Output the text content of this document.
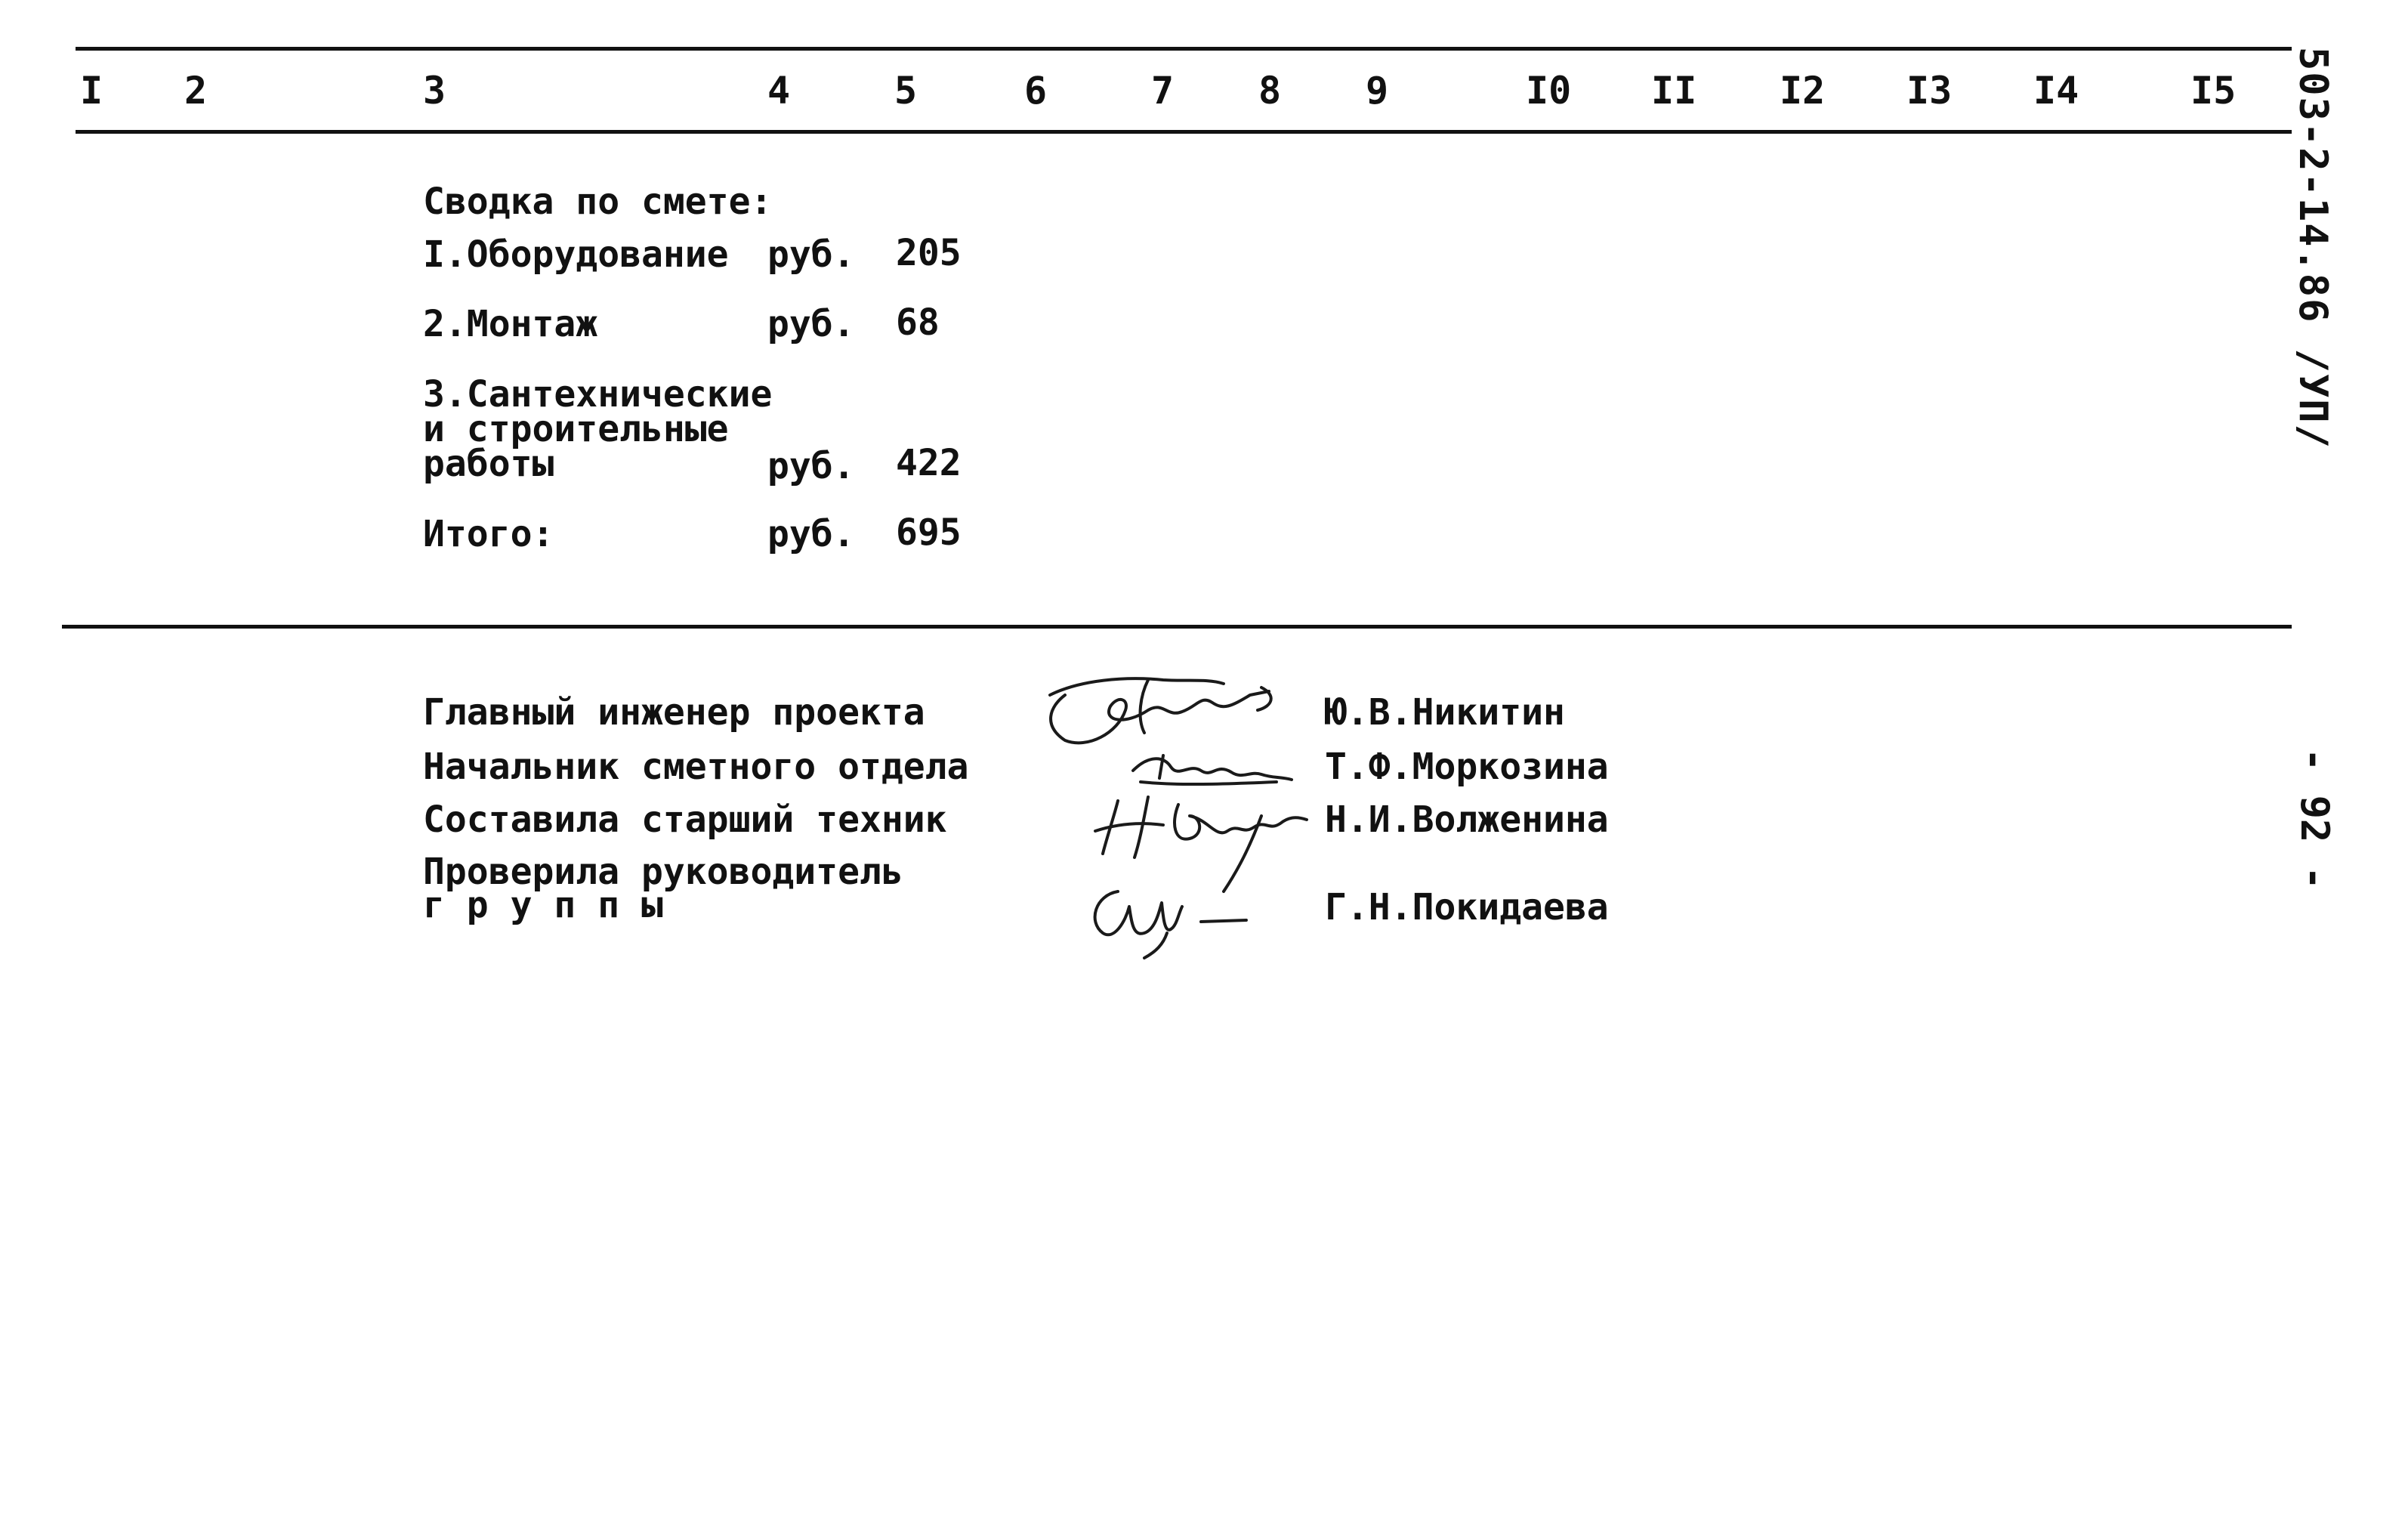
I 2	3	4	5	6	7 8 9	I0 II I2 I3 I4	I5 503-2-14.86 /УП/
- 92 -
Сводка по смете:
I.Оборудование руб. 205
2.Монтаж	руб. 68
3.Сантехнические
и строительные
работы	руб. 422
Итого:	руб. 695
Главный инженер проекта	Ю.В.Никитин
Начальник сметного отдела	Т.Ф.Моркозина
Составила старший техник	Н.И.Волженина
Проверила руководитель
г р у п п ы	Г.Н.Покидаева
